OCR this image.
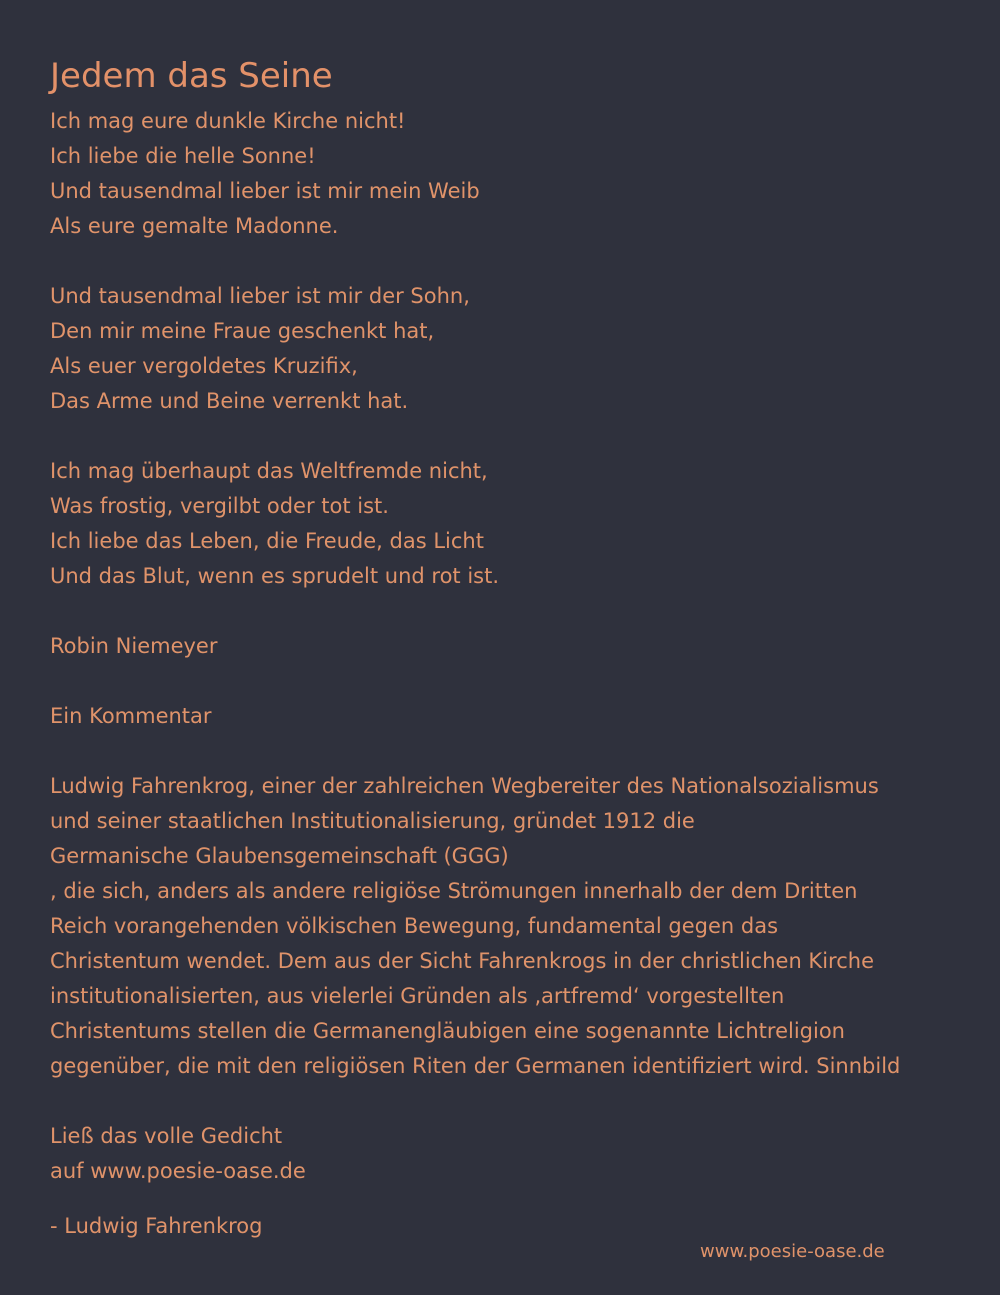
Jedem das Seine
Ich mag eure dunkle Kirche nicht!
Ich liebe die helle Sonne!
Und tausendmal lieber ist mir mein Weib
Als eure gemalte Madonne.
Und tausendmal lieber ist mir der Sohn,
Den mir meine Fraue geschenkt hat,
Als euer vergoldetes Kruzifix,
Das Arme und Beine verrenkt hat.
Ich mag überhaupt das Weltfremde nicht,
Was frostig, vergilbt oder tot ist.
Ich liebe das Leben, die Freude, das Licht
Und das Blut, wenn es sprudelt und rot ist.
Robin Niemeyer
Ein Kommentar
Ludwig Fahrenkrog, einer der zahlreichen Wegbereiter des Nationalsozialismus
und seiner staatlichen Institutionalisierung, gründet 1912 die
Germanische Glaubensgemeinschaft (GGG)
, die sich, anders als andere religiöse Strömungen innerhalb der dem Dritten
Reich vorangehenden völkischen Bewegung, fundamental gegen das
Christentum wendet. Dem aus der Sicht Fahrenkrogs in der christlichen Kirche
institutionalisierten, aus vielerlei Gründen als ‚artfremd‘ vorgestellten
Christentums stellen die Germanengläubigen eine sogenannte Lichtreligion
gegenüber, die mit den religiösen Riten der Germanen identifiziert wird. Sinnbild
Ließ das volle Gedicht
auf www.poesie-oase.de
- Ludwig Fahrenkrog
www.poesie-oase.de
